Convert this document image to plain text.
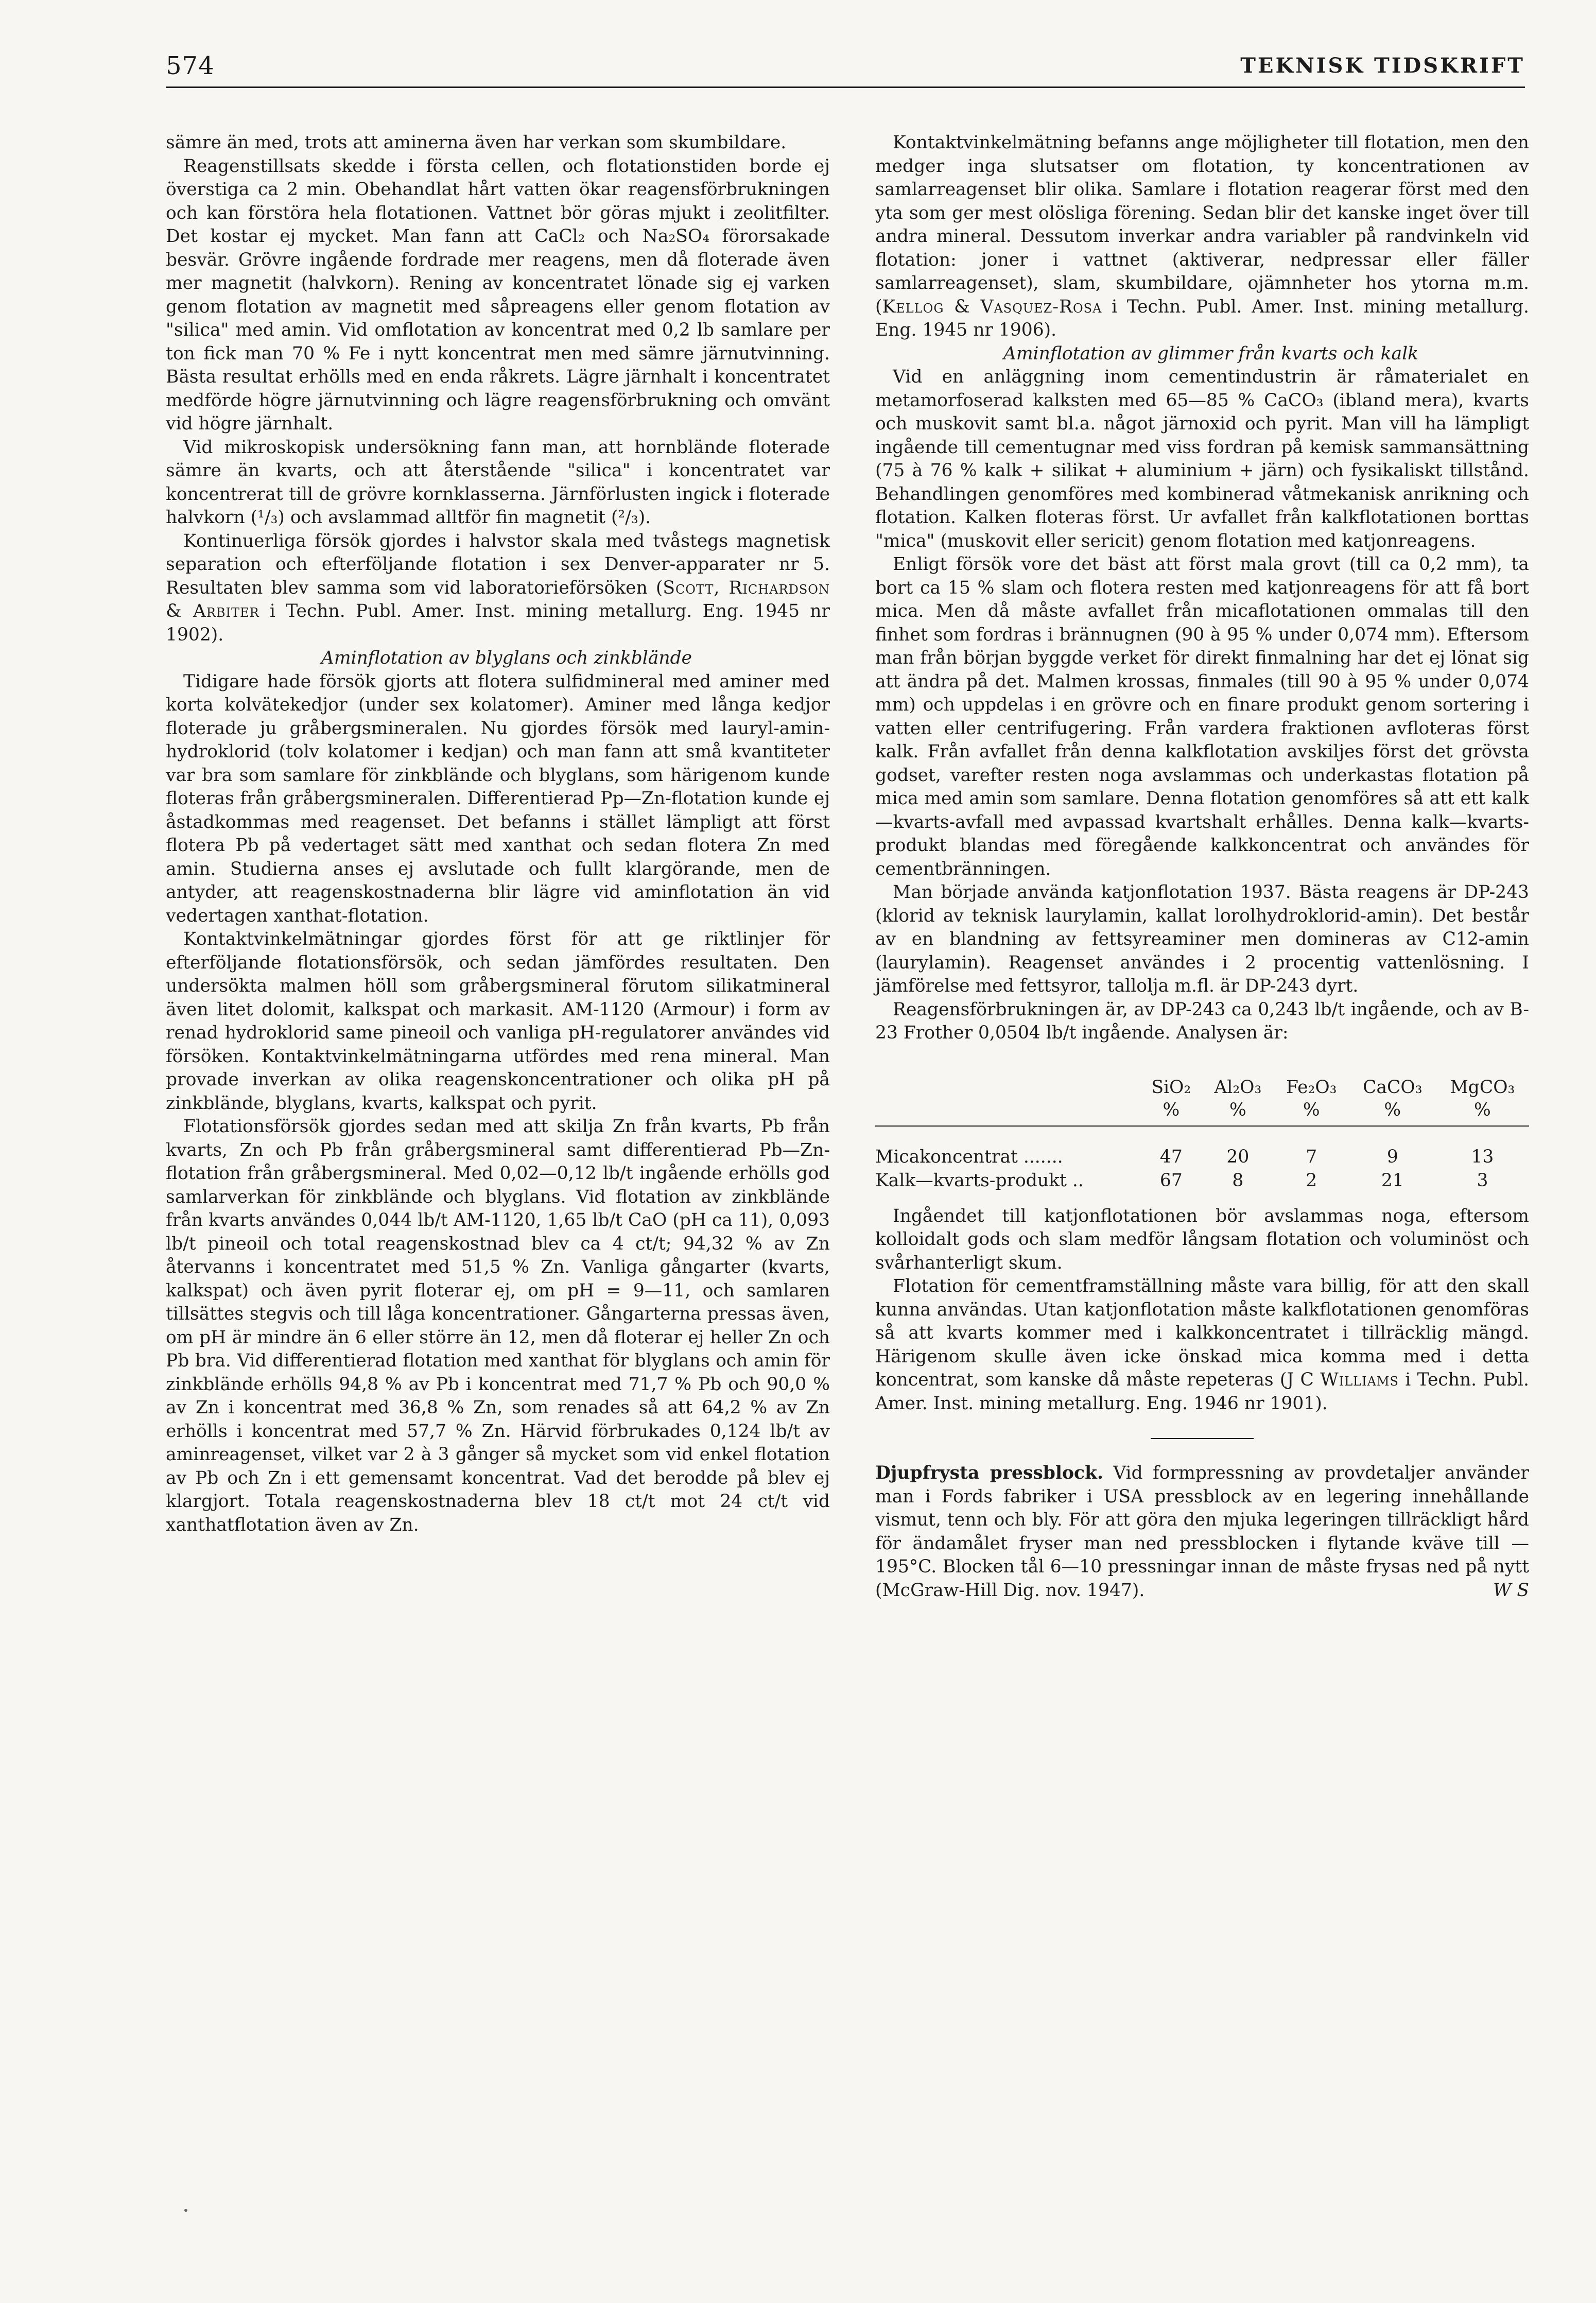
574	TEKNISK TIDSKRIFT

sämre än med, trots att aminerna även har verkan som skumbildare.

Reagenstillsats skedde i första cellen, och flotationstiden borde ej överstiga ca 2 min. Obehandlat hårt vatten ökar reagensförbrukningen och kan förstöra hela flotationen. Vattnet bör göras mjukt i zeolitfilter. Det kostar ej mycket. Man fann att CaCl₂ och Na₂SO₄ förorsakade besvär. Grövre ingående fordrade mer reagens, men då floterade även mer magnetit (halvkorn). Rening av koncentratet lönade sig ej varken genom flotation av magnetit med såpreagens eller genom flotation av "silica" med amin. Vid omflotation av koncentrat med 0,2 lb samlare per ton fick man 70 % Fe i nytt koncentrat men med sämre järnutvinning. Bästa resultat erhölls med en enda råkrets. Lägre järnhalt i koncentratet medförde högre järnutvinning och lägre reagensförbrukning och omvänt vid högre järnhalt.

Vid mikroskopisk undersökning fann man, att hornblände floterade sämre än kvarts, och att återstående "silica" i koncentratet var koncentrerat till de grövre kornklasserna. Järnförlusten ingick i floterade halvkorn (¹/₃) och avslammad alltför fin magnetit (²/₃).

Kontinuerliga försök gjordes i halvstor skala med tvåstegs magnetisk separation och efterföljande flotation i sex Denver-apparater nr 5. Resultaten blev samma som vid laboratorieförsöken (Scott, Richardson & Arbiter i Techn. Publ. Amer. Inst. mining metallurg. Eng. 1945 nr 1902).

Aminflotation av blyglans och zinkblände

Tidigare hade försök gjorts att flotera sulfidmineral med aminer med korta kolvätekedjor (under sex kolatomer). Aminer med långa kedjor floterade ju gråbergsmineralen. Nu gjordes försök med lauryl-amin-hydroklorid (tolv kolatomer i kedjan) och man fann att små kvantiteter var bra som samlare för zinkblände och blyglans, som härigenom kunde floteras från gråbergsmineralen. Differentierad Pp—Zn-flotation kunde ej åstadkommas med reagenset. Det befanns i stället lämpligt att först flotera Pb på vedertaget sätt med xanthat och sedan flotera Zn med amin. Studierna anses ej avslutade och fullt klargörande, men de antyder, att reagenskostnaderna blir lägre vid aminflotation än vid vedertagen xanthat-flotation.

Kontaktvinkelmätningar gjordes först för att ge riktlinjer för efterföljande flotationsförsök, och sedan jämfördes resultaten. Den undersökta malmen höll som gråbergsmineral förutom silikatmineral även litet dolomit, kalkspat och markasit. AM-1120 (Armour) i form av renad hydroklorid same pineoil och vanliga pH-regulatorer användes vid försöken. Kontaktvinkelmätningarna utfördes med rena mineral. Man provade inverkan av olika reagenskoncentrationer och olika pH på zinkblände, blyglans, kvarts, kalkspat och pyrit.

Flotationsförsök gjordes sedan med att skilja Zn från kvarts, Pb från kvarts, Zn och Pb från gråbergsmineral samt differentierad Pb—Zn-flotation från gråbergsmineral. Med 0,02—0,12 lb/t ingående erhölls god samlarverkan för zinkblände och blyglans. Vid flotation av zinkblände från kvarts användes 0,044 lb/t AM-1120, 1,65 lb/t CaO (pH ca 11), 0,093 lb/t pineoil och total reagenskostnad blev ca 4 ct/t; 94,32 % av Zn återvanns i koncentratet med 51,5 % Zn. Vanliga gångarter (kvarts, kalkspat) och även pyrit floterar ej, om pH = 9—11, och samlaren tillsättes stegvis och till låga koncentrationer. Gångarterna pressas även, om pH är mindre än 6 eller större än 12, men då floterar ej heller Zn och Pb bra. Vid differentierad flotation med xanthat för blyglans och amin för zinkblände erhölls 94,8 % av Pb i koncentrat med 71,7 % Pb och 90,0 % av Zn i koncentrat med 36,8 % Zn, som renades så att 64,2 % av Zn erhölls i koncentrat med 57,7 % Zn. Härvid förbrukades 0,124 lb/t av aminreagenset, vilket var 2 à 3 gånger så mycket som vid enkel flotation av Pb och Zn i ett gemensamt koncentrat. Vad det berodde på blev ej klargjort. Totala reagenskostnaderna blev 18 ct/t mot 24 ct/t vid xanthatflotation även av Zn.

Kontaktvinkelmätning befanns ange möjligheter till flotation, men den medger inga slutsatser om flotation, ty koncentrationen av samlarreagenset blir olika. Samlare i flotation reagerar först med den yta som ger mest olösliga förening. Sedan blir det kanske inget över till andra mineral. Dessutom inverkar andra variabler på randvinkeln vid flotation: joner i vattnet (aktiverar, nedpressar eller fäller samlarreagenset), slam, skumbildare, ojämnheter hos ytorna m.m. (Kellog & Vasquez-Rosa i Techn. Publ. Amer. Inst. mining metallurg. Eng. 1945 nr 1906).

Aminflotation av glimmer från kvarts och kalk

Vid en anläggning inom cementindustrin är råmaterialet en metamorfoserad kalksten med 65—85 % CaCO₃ (ibland mera), kvarts och muskovit samt bl.a. något järnoxid och pyrit. Man vill ha lämpligt ingående till cementugnar med viss fordran på kemisk sammansättning (75 à 76 % kalk + silikat + aluminium + järn) och fysikaliskt tillstånd. Behandlingen genomföres med kombinerad våtmekanisk anrikning och flotation. Kalken floteras först. Ur avfallet från kalkflotationen borttas "mica" (muskovit eller sericit) genom flotation med katjonreagens.

Enligt försök vore det bäst att först mala grovt (till ca 0,2 mm), ta bort ca 15 % slam och flotera resten med katjonreagens för att få bort mica. Men då måste avfallet från micaflotationen ommalas till den finhet som fordras i brännugnen (90 à 95 % under 0,074 mm). Eftersom man från början byggde verket för direkt finmalning har det ej lönat sig att ändra på det. Malmen krossas, finmales (till 90 à 95 % under 0,074 mm) och uppdelas i en grövre och en finare produkt genom sortering i vatten eller centrifugering. Från vardera fraktionen avfloteras först kalk. Från avfallet från denna kalkflotation avskiljes först det grövsta godset, varefter resten noga avslammas och underkastas flotation på mica med amin som samlare. Denna flotation genomföres så att ett kalk—kvarts-avfall med avpassad kvartshalt erhålles. Denna kalk—kvarts-produkt blandas med föregående kalkkoncentrat och användes för cementbränningen.

Man började använda katjonflotation 1937. Bästa reagens är DP-243 (klorid av teknisk laurylamin, kallat lorolhydroklorid-amin). Det består av en blandning av fettsyreaminer men domineras av C12-amin (laurylamin). Reagenset användes i 2 procentig vattenlösning. I jämförelse med fettsyror, tallolja m.fl. är DP-243 dyrt.

Reagensförbrukningen är, av DP-243 ca 0,243 lb/t ingående, och av B-23 Frother 0,0504 lb/t ingående. Analysen är:

	SiO₂	Al₂O₃	Fe₂O₃	CaCO₃	MgCO₃
	%	%	%	%	%

Micakoncentrat .......	47	20	7	9	13
Kalk—kvarts-produkt ..	67	8	2	21	3

Ingåendet till katjonflotationen bör avslammas noga, eftersom kolloidalt gods och slam medför långsam flotation och voluminöst och svårhanterligt skum.

Flotation för cementframställning måste vara billig, för att den skall kunna användas. Utan katjonflotation måste kalkflotationen genomföras så att kvarts kommer med i kalkkoncentratet i tillräcklig mängd. Härigenom skulle även icke önskad mica komma med i detta koncentrat, som kanske då måste repeteras (J C Williams i Techn. Publ. Amer. Inst. mining metallurg. Eng. 1946 nr 1901).

Djupfrysta pressblock. Vid formpressning av provdetaljer använder man i Fords fabriker i USA pressblock av en legering innehållande vismut, tenn och bly. För att göra den mjuka legeringen tillräckligt hård för ändamålet fryser man ned pressblocken i flytande kväve till — 195°C. Blocken tål 6—10 pressningar innan de måste frysas ned på nytt (McGraw-Hill Dig. nov. 1947).	W S
